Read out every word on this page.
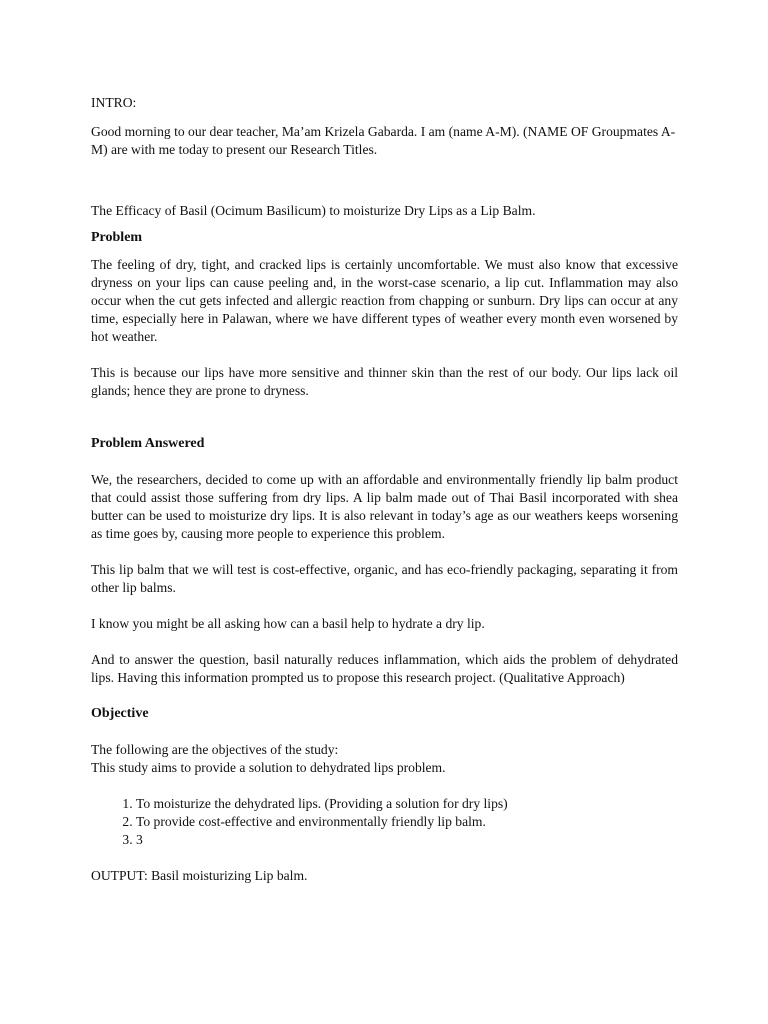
INTRO:

Good morning to our dear teacher, Ma’am Krizela Gabarda. I am (name A-M). (NAME OF Groupmates A-M) are with me today to present our Research Titles.

The Efficacy of Basil (Ocimum Basilicum) to moisturize Dry Lips as a Lip Balm.

Problem

The feeling of dry, tight, and cracked lips is certainly uncomfortable. We must also know that excessive dryness on your lips can cause peeling and, in the worst-case scenario, a lip cut. Inflammation may also occur when the cut gets infected and allergic reaction from chapping or sunburn. Dry lips can occur at any time, especially here in Palawan, where we have different types of weather every month even worsened by hot weather.

This is because our lips have more sensitive and thinner skin than the rest of our body. Our lips lack oil glands; hence they are prone to dryness.

Problem Answered

We, the researchers, decided to come up with an affordable and environmentally friendly lip balm product that could assist those suffering from dry lips. A lip balm made out of Thai Basil incorporated with shea butter can be used to moisturize dry lips. It is also relevant in today’s age as our weathers keeps worsening as time goes by, causing more people to experience this problem.

This lip balm that we will test is cost-effective, organic, and has eco-friendly packaging, separating it from other lip balms.

I know you might be all asking how can a basil help to hydrate a dry lip.

And to answer the question, basil naturally reduces inflammation, which aids the problem of dehydrated lips. Having this information prompted us to propose this research project. (Qualitative Approach)

Objective

The following are the objectives of the study:

This study aims to provide a solution to dehydrated lips problem.

1. To moisturize the dehydrated lips. (Providing a solution for dry lips)
2. To provide cost-effective and environmentally friendly lip balm.
3. 3

OUTPUT: Basil moisturizing Lip balm.
